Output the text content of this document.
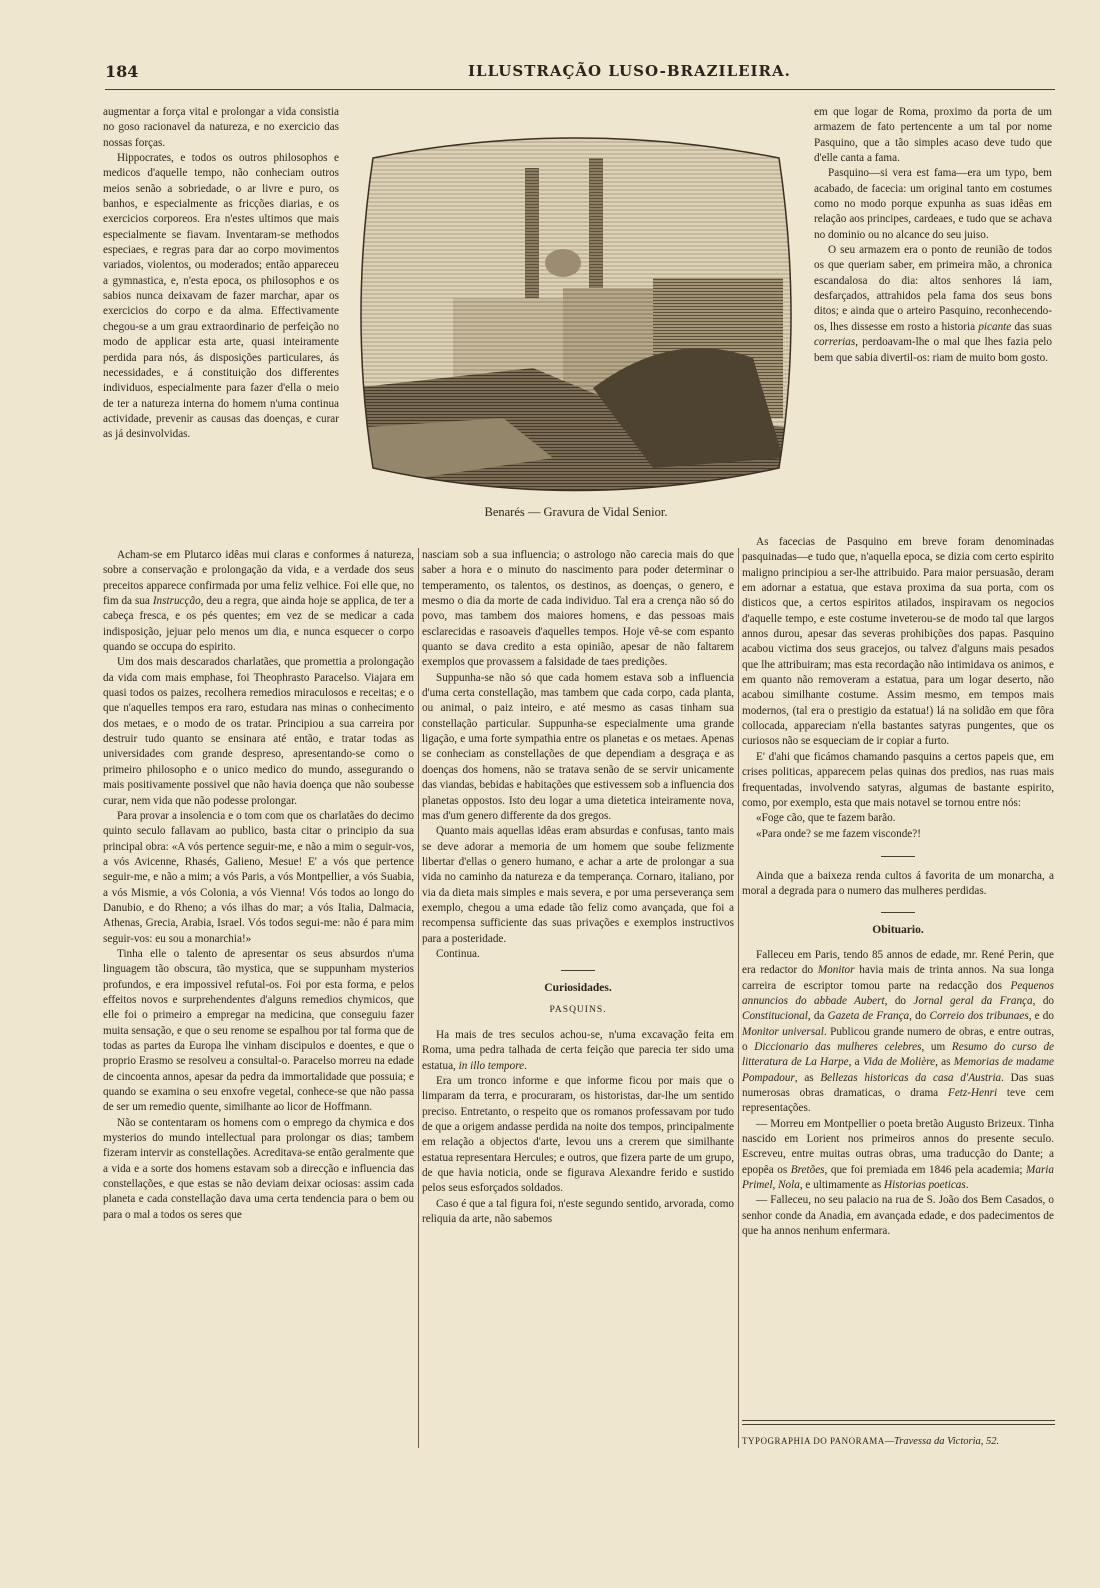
184	ILLUSTRAÇÃO LUSO-BRAZILEIRA.

augmentar a força vital e prolongar a vida consistia no goso racionavel da natureza, e no exercicio das nossas forças.

Hippocrates, e todos os outros philosophos e medicos d'aquelle tempo, não conheciam outros meios senão a sobriedade, o ar livre e puro, os banhos, e especialmente as fricções diarias, e os exercicios corporeos. Era n'estes ultimos que mais especialmente se fiavam. Inventaram-se methodos especiaes, e regras para dar ao corpo movimentos variados, violentos, ou moderados; então appareceu a gymnastica, e, n'esta epoca, os philosophos e os sabios nunca deixavam de fazer marchar, apar os exercicios do corpo e da alma. Effectivamente chegou-se a um grau extraordinario de perfeição no modo de applicar esta arte, quasi inteiramente perdida para nós, ás disposições particulares, ás necessidades, e á constituição dos differentes individuos, especialmente para fazer d'ella o meio de ter a natureza interna do homem n'uma continua actividade, prevenir as causas das doenças, e curar as já desinvolvidas.

Benarés — Gravura de Vidal Senior.

em que logar de Roma, proximo da porta de um armazem de fato pertencente a um tal por nome Pasquino, que a tão simples acaso deve tudo que d'elle canta a fama.

Pasquino—si vera est fama—era um typo, bem acabado, de facecia: um original tanto em costumes como no modo porque expunha as suas idêas em relação aos principes, cardeaes, e tudo que se achava no dominio ou no alcance do seu juiso.

O seu armazem era o ponto de reunião de todos os que queriam saber, em primeira mão, a chronica escandalosa do dia: altos senhores lá iam, desfarçados, attrahidos pela fama dos seus bons ditos; e ainda que o arteiro Pasquino, reconhecendo-os, lhes dissesse em rosto a historia picante das suas correrias, perdoavam-lhe o mal que lhes fazia pelo bem que sabia divertil-os: riam de muito bom gosto.

As facecias de Pasquino em breve foram denominadas pasquinadas—e tudo que, n'aquella epoca, se dizia com certo espirito maligno principiou a ser-lhe attribuido. Para maior persuasão, deram em adornar a estatua, que estava proxima da sua porta, com os disticos que, a certos espiritos atilados, inspiravam os negocios d'aquelle tempo, e este costume inveterou-se de modo tal que largos annos durou, apesar das severas prohibições dos papas. Pasquino acabou victima dos seus gracejos, ou talvez d'alguns mais pesados que lhe attribuiram; mas esta recordação não intimidava os animos, e em quanto não removeram a estatua, para um logar deserto, não acabou similhante costume. Assim mesmo, em tempos mais modernos, (tal era o prestigio da estatua!) lá na solidão em que fôra collocada, appareciam n'ella bastantes satyras pungentes, que os curiosos não se esqueciam de ir copiar a furto.

E' d'ahi que ficámos chamando pasquins a certos papeis que, em crises politicas, apparecem pelas quinas dos predios, nas ruas mais frequentadas, involvendo satyras, algumas de bastante espirito, como, por exemplo, esta que mais notavel se tornou entre nós:

«Foge cão, que te fazem barão.

«Para onde? se me fazem visconde?!

Ainda que a baixeza renda cultos á favorita de um monarcha, a moral a degrada para o numero das mulheres perdidas.

Obituario.

Falleceu em Paris, tendo 85 annos de edade, mr. René Perin, que era redactor do Monitor havia mais de trinta annos. Na sua longa carreira de escriptor tomou parte na redacção dos Pequenos annuncios do abbade Aubert, do Jornal geral da França, do Constitucional, da Gazeta de França, do Correio dos tribunaes, e do Monitor universal. Publicou grande numero de obras, e entre outras, o Diccionario das mulheres celebres, um Resumo do curso de litteratura de La Harpe, a Vida de Molière, as Memorias de madame Pompadour, as Bellezas historicas da casa d'Austria. Das suas numerosas obras dramaticas, o drama Fetz-Henri teve cem representações.

— Morreu em Montpellier o poeta bretão Augusto Brizeux. Tinha nascido em Lorient nos primeiros annos do presente seculo. Escreveu, entre muitas outras obras, uma traducção do Dante; a epopêa os Bretões, que foi premiada em 1846 pela academia; Maria Primel, Nola, e ultimamente as Historias poeticas.

— Falleceu, no seu palacio na rua de S. João dos Bem Casados, o senhor conde da Anadia, em avançada edade, e dos padecimentos de que ha annos nenhum enfermara.

Acham-se em Plutarco idêas mui claras e conformes á natureza, sobre a conservação e prolongação da vida, e a verdade dos seus preceitos apparece confirmada por uma feliz velhice. Foi elle que, no fim da sua Instrucção, deu a regra, que ainda hoje se applica, de ter a cabeça fresca, e os pés quentes; em vez de se medicar a cada indisposição, jejuar pelo menos um dia, e nunca esquecer o corpo quando se occupa do espirito.

Um dos mais descarados charlatães, que promettia a prolongação da vida com mais emphase, foi Theophrasto Paracelso. Viajara em quasi todos os paizes, recolhera remedios miraculosos e receitas; e o que n'aquelles tempos era raro, estudara nas minas o conhecimento dos metaes, e o modo de os tratar. Principiou a sua carreira por destruir tudo quanto se ensinara até então, e tratar todas as universidades com grande despreso, apresentando-se como o primeiro philosopho e o unico medico do mundo, assegurando o mais positivamente possivel que não havia doença que não soubesse curar, nem vida que não podesse prolongar.

Para provar a insolencia e o tom com que os charlatães do decimo quinto seculo fallavam ao publico, basta citar o principio da sua principal obra: «A vós pertence seguir-me, e não a mim o seguir-vos, a vós Avicenne, Rhasés, Galieno, Mesue! E' a vós que pertence seguir-me, e não a mim; a vós Paris, a vós Montpellier, a vós Suabia, a vós Mismie, a vós Colonia, a vós Vienna! Vós todos ao longo do Danubio, e do Rheno; a vós ilhas do mar; a vós Italia, Dalmacia, Athenas, Grecia, Arabia, Israel. Vós todos segui-me: não é para mim seguir-vos: eu sou a monarchia!»

Tinha elle o talento de apresentar os seus absurdos n'uma linguagem tão obscura, tão mystica, que se suppunham mysterios profundos, e era impossivel refutal-os. Foi por esta forma, e pelos effeitos novos e surprehendentes d'alguns remedios chymicos, que elle foi o primeiro a empregar na medicina, que conseguiu fazer muita sensação, e que o seu renome se espalhou por tal forma que de todas as partes da Europa lhe vinham discipulos e doentes, e que o proprio Erasmo se resolveu a consultal-o. Paracelso morreu na edade de cincoenta annos, apesar da pedra da immortalidade que possuia; e quando se examina o seu enxofre vegetal, conhece-se que não passa de ser um remedio quente, similhante ao licor de Hoffmann.

Não se contentaram os homens com o emprego da chymica e dos mysterios do mundo intellectual para prolongar os dias; tambem fizeram intervir as constellações. Acreditava-se então geralmente que a vida e a sorte dos homens estavam sob a direcção e influencia das constellações, e que estas se não deviam deixar ociosas: assim cada planeta e cada constellação dava uma certa tendencia para o bem ou para o mal a todos os seres que

nasciam sob a sua influencia; o astrologo não carecia mais do que saber a hora e o minuto do nascimento para poder determinar o temperamento, os talentos, os destinos, as doenças, o genero, e mesmo o dia da morte de cada individuo. Tal era a crença não só do povo, mas tambem dos maiores homens, e das pessoas mais esclarecidas e rasoaveis d'aquelles tempos. Hoje vê-se com espanto quanto se dava credito a esta opinião, apesar de não faltarem exemplos que provassem a falsidade de taes predições.

Suppunha-se não só que cada homem estava sob a influencia d'uma certa constellação, mas tambem que cada corpo, cada planta, ou animal, o paiz inteiro, e até mesmo as casas tinham sua constellação particular. Suppunha-se especialmente uma grande ligação, e uma forte sympathia entre os planetas e os metaes. Apenas se conheciam as constellações de que dependiam a desgraça e as doenças dos homens, não se tratava senão de se servir unicamente das viandas, bebidas e habitações que estivessem sob a influencia dos planetas oppostos. Isto deu logar a uma dietetica inteiramente nova, mas d'um genero differente da dos gregos.

Quanto mais aquellas idêas eram absurdas e confusas, tanto mais se deve adorar a memoria de um homem que soube felizmente libertar d'ellas o genero humano, e achar a arte de prolongar a sua vida no caminho da natureza e da temperança. Cornaro, italiano, por via da dieta mais simples e mais severa, e por uma perseverança sem exemplo, chegou a uma edade tão feliz como avançada, que foi a recompensa sufficiente das suas privações e exemplos instructivos para a posteridade.

Continua.

Curiosidades.
PASQUINS.

Ha mais de tres seculos achou-se, n'uma excavação feita em Roma, uma pedra talhada de certa feição que parecia ter sido uma estatua, in illo tempore.

Era um tronco informe e que informe ficou por mais que o limparam da terra, e procuraram, os historistas, dar-lhe um sentido preciso. Entretanto, o respeito que os romanos professavam por tudo de que a origem andasse perdida na noite dos tempos, principalmente em relação a objectos d'arte, levou uns a crerem que similhante estatua representara Hercules; e outros, que fizera parte de um grupo, de que havia noticia, onde se figurava Alexandre ferido e sustido pelos seus esforçados soldados.

Caso é que a tal figura foi, n'este segundo sentido, arvorada, como reliquia da arte, não sabemos

TYPOGRAPHIA DO PANORAMA—Travessa da Victoria, 52.
